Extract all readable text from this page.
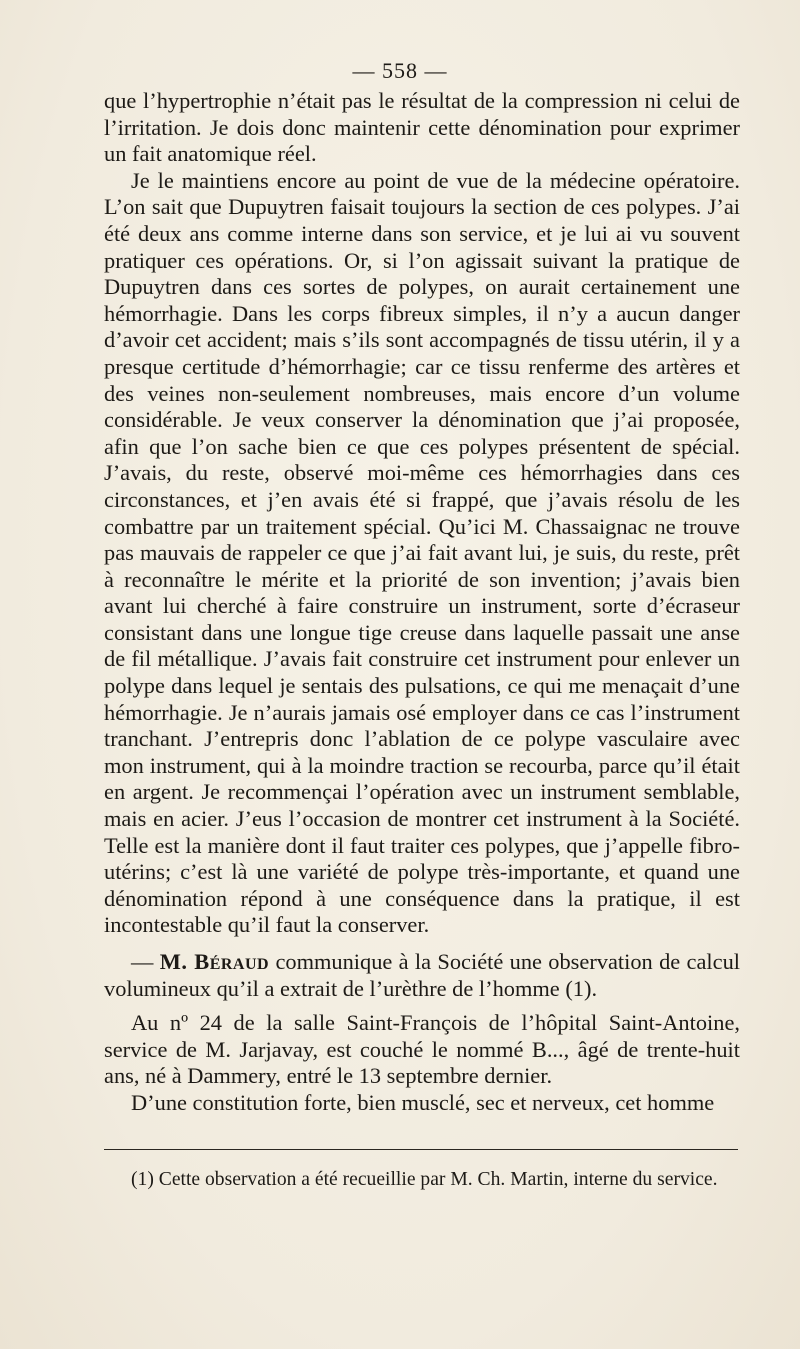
— 558 —

que l’hypertrophie n’était pas le résultat de la compression ni celui de l’irritation. Je dois donc maintenir cette dénomination pour exprimer un fait anatomique réel.

Je le maintiens encore au point de vue de la médecine opératoire. L’on sait que Dupuytren faisait toujours la section de ces polypes. J’ai été deux ans comme interne dans son service, et je lui ai vu souvent pratiquer ces opérations. Or, si l’on agissait suivant la pratique de Dupuytren dans ces sortes de polypes, on aurait certainement une hémorrhagie. Dans les corps fibreux simples, il n’y a aucun danger d’avoir cet accident; mais s’ils sont accompagnés de tissu utérin, il y a presque certitude d’hémorrhagie; car ce tissu renferme des artères et des veines non-seulement nombreuses, mais encore d’un volume considérable. Je veux conserver la dénomination que j’ai proposée, afin que l’on sache bien ce que ces polypes présentent de spécial. J’avais, du reste, observé moi-même ces hémorrhagies dans ces circonstances, et j’en avais été si frappé, que j’avais résolu de les combattre par un traitement spécial. Qu’ici M. Chassaignac ne trouve pas mauvais de rappeler ce que j’ai fait avant lui, je suis, du reste, prêt à reconnaître le mérite et la priorité de son invention; j’avais bien avant lui cherché à faire construire un instrument, sorte d’écraseur consistant dans une longue tige creuse dans laquelle passait une anse de fil métallique. J’avais fait construire cet instrument pour enlever un polype dans lequel je sentais des pulsations, ce qui me menaçait d’une hémorrhagie. Je n’aurais jamais osé employer dans ce cas l’instrument tranchant. J’entrepris donc l’ablation de ce polype vasculaire avec mon instrument, qui à la moindre traction se recourba, parce qu’il était en argent. Je recommençai l’opération avec un instrument semblable, mais en acier. J’eus l’occasion de montrer cet instrument à la Société. Telle est la manière dont il faut traiter ces polypes, que j’appelle fibro-utérins; c’est là une variété de polype très-importante, et quand une dénomination répond à une conséquence dans la pratique, il est incontestable qu’il faut la conserver.

— M. Béraud communique à la Société une observation de calcul volumineux qu’il a extrait de l’urèthre de l’homme (1).

Au nº 24 de la salle Saint-François de l’hôpital Saint-Antoine, service de M. Jarjavay, est couché le nommé B..., âgé de trente-huit ans, né à Dammery, entré le 13 septembre dernier.

D’une constitution forte, bien musclé, sec et nerveux, cet homme

(1) Cette observation a été recueillie par M. Ch. Martin, interne du service.
